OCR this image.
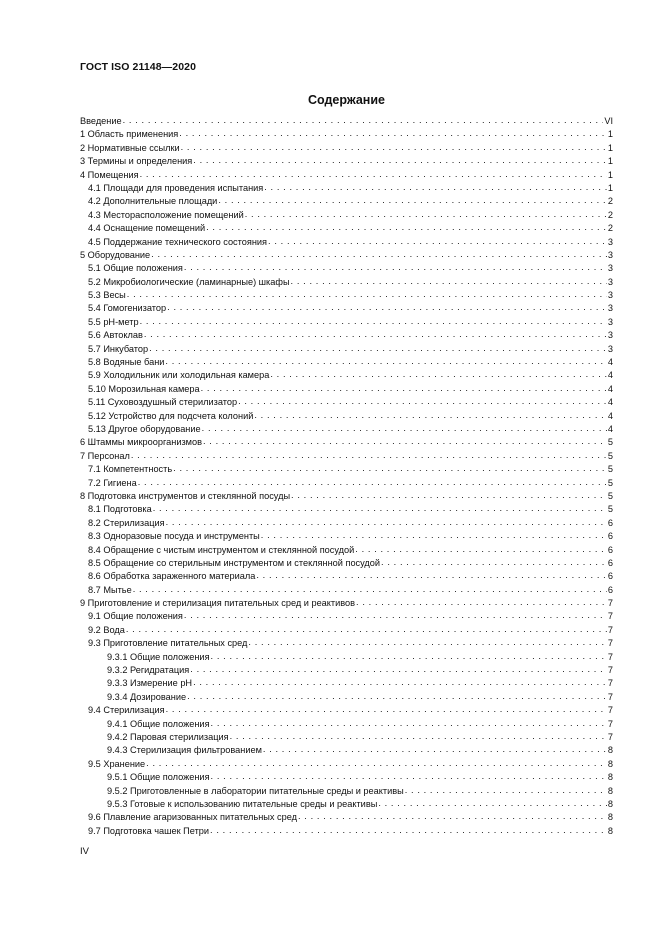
ГОСТ ISO 21148—2020
Содержание
Введение . . .	VI
1 Область применения . . .	1
2 Нормативные ссылки . . .	1
3 Термины и определения . . .	1
4 Помещения . . .	1
4.1 Площади для проведения испытания . . .	1
4.2 Дополнительные площади . . .	2
4.3 Месторасположение помещений . . .	2
4.4 Оснащение помещений . . .	2
4.5 Поддержание технического состояния . . .	3
5 Оборудование . . .	3
5.1 Общие положения . . .	3
5.2 Микробиологические (ламинарные) шкафы . . .	3
5.3 Весы . . .	3
5.4 Гомогенизатор . . .	3
5.5 pH-метр . . .	3
5.6 Автоклав . . .	3
5.7 Инкубатор . . .	3
5.8 Водяные бани . . .	4
5.9 Холодильник или холодильная камера . . .	4
5.10 Морозильная камера . . .	4
5.11 Суховоздушный стерилизатор . . .	4
5.12 Устройство для подсчета колоний . . .	4
5.13 Другое оборудование . . .	4
6 Штаммы микроорганизмов . . .	5
7 Персонал . . .	5
7.1 Компетентность . . .	5
7.2 Гигиена . . .	5
8 Подготовка инструментов и стеклянной посуды . . .	5
8.1 Подготовка . . .	5
8.2 Стерилизация . . .	6
8.3 Одноразовые посуда и инструменты . . .	6
8.4 Обращение с чистым инструментом и стеклянной посудой . . .	6
8.5 Обращение со стерильным инструментом и стеклянной посудой . . .	6
8.6 Обработка зараженного материала . . .	6
8.7 Мытье . . .	6
9 Приготовление и стерилизация питательных сред и реактивов . . .	7
9.1 Общие положения . . .	7
9.2 Вода . . .	7
9.3 Приготовление питательных сред . . .	7
9.3.1 Общие положения . . .	7
9.3.2 Регидратация . . .	7
9.3.3 Измерение pH . . .	7
9.3.4 Дозирование . . .	7
9.4 Стерилизация . . .	7
9.4.1 Общие положения . . .	7
9.4.2 Паровая стерилизация . . .	7
9.4.3 Стерилизация фильтрованием . . .	8
9.5 Хранение . . .	8
9.5.1 Общие положения . . .	8
9.5.2 Приготовленные в лаборатории питательные среды и реактивы . . .	8
9.5.3 Готовые к использованию питательные среды и реактивы . . .	8
9.6 Плавление агаризованных питательных сред . . .	8
9.7 Подготовка чашек Петри . . .	8
IV
